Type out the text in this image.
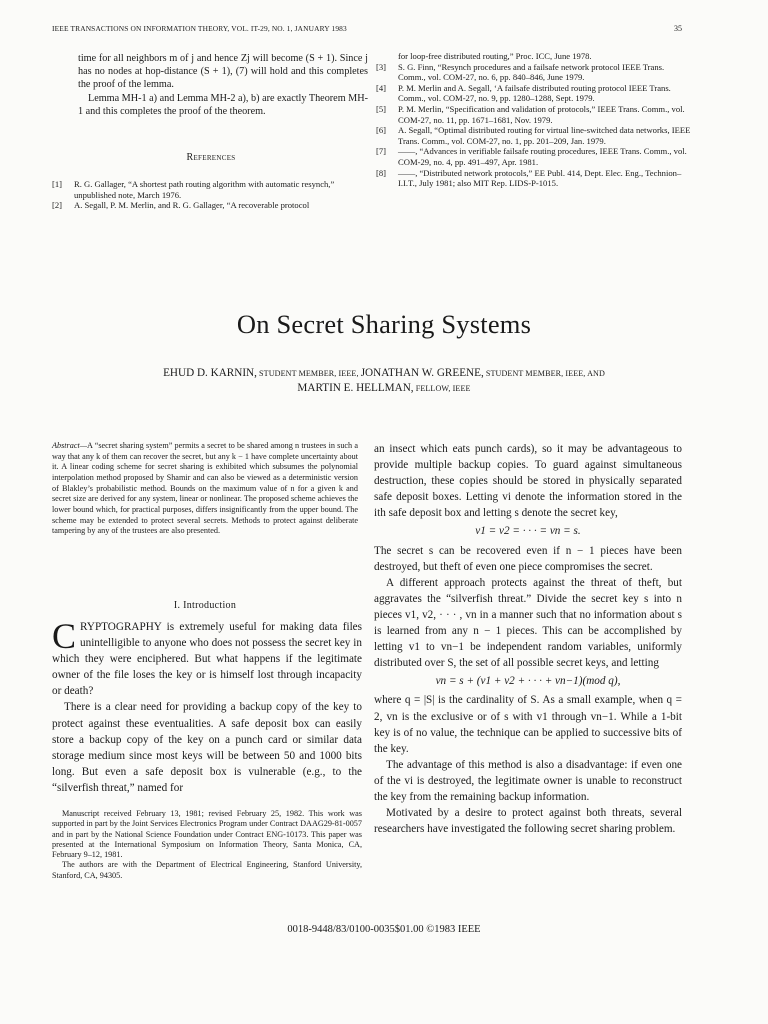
IEEE TRANSACTIONS ON INFORMATION THEORY, VOL. IT-29, NO. 1, JANUARY 1983	35

time for all neighbors m of j and hence Zj will become (S + 1). Since j has no nodes at hop-distance (S + 1), (7) will hold and this completes the proof of the lemma.

Lemma MH-1 a) and Lemma MH-2 a), b) are exactly Theorem MH-1 and this completes the proof of the theorem.

References
[1] R. G. Gallager, “A shortest path routing algorithm with automatic resynch,” unpublished note, March 1976.
[2] A. Segall, P. M. Merlin, and R. G. Gallager, “A recoverable protocol
for loop-free distributed routing,” Proc. ICC, June 1978.
[3] S. G. Finn, “Resynch procedures and a failsafe network protocol IEEE Trans. Comm., vol. COM-27, no. 6, pp. 840–846, June 1979.
[4] P. M. Merlin and A. Segall, ‘A failsafe distributed routing protocol IEEE Trans. Comm., vol. COM-27, no. 9, pp. 1280–1288, Sept. 1979.
[5] P. M. Merlin, “Specification and validation of protocols,” IEEE Trans. Comm., vol. COM-27, no. 11, pp. 1671–1681, Nov. 1979.
[6] A. Segall, “Optimal distributed routing for virtual line-switched data networks, IEEE Trans. Comm., vol. COM-27, no. 1, pp. 201–209, Jan. 1979.
[7] ——, “Advances in verifiable failsafe routing procedures, IEEE Trans. Comm., vol. COM-29, no. 4, pp. 491–497, Apr. 1981.
[8] ——, “Distributed network protocols,” EE Publ. 414, Dept. Elec. Eng., Technion–I.I.T., July 1981; also MIT Rep. LIDS-P-1015.
On Secret Sharing Systems
EHUD D. KARNIN, STUDENT MEMBER, IEEE, JONATHAN W. GREENE, STUDENT MEMBER, IEEE, AND
MARTIN E. HELLMAN, FELLOW, IEEE
Abstract—A “secret sharing system” permits a secret to be shared among n trustees in such a way that any k of them can recover the secret, but any k − 1 have complete uncertainty about it. A linear coding scheme for secret sharing is exhibited which subsumes the polynomial interpolation method proposed by Shamir and can also be viewed as a deterministic version of Blakley’s probabilistic method. Bounds on the maximum value of n for a given k and secret size are derived for any system, linear or nonlinear. The proposed scheme achieves the lower bound which, for practical purposes, differs insignificantly from the upper bound. The scheme may be extended to protect several secrets. Methods to protect against deliberate tampering by any of the trustees are also presented.
I. Introduction

CRYPTOGRAPHY is extremely useful for making data files unintelligible to anyone who does not possess the secret key in which they were enciphered. But what happens if the legitimate owner of the file loses the key or is himself lost through incapacity or death?

There is a clear need for providing a backup copy of the key to protect against these eventualities. A safe deposit box can easily store a backup copy of the key on a punch card or similar data storage medium since most keys will be between 50 and 1000 bits long. But even a safe deposit box is vulnerable (e.g., to the “silverfish threat,” named for

Manuscript received February 13, 1981; revised February 25, 1982. This work was supported in part by the Joint Services Electronics Program under Contract DAAG29-81-0057 and in part by the National Science Foundation under Contract ENG-10173. This paper was presented at the International Symposium on Information Theory, Santa Monica, CA, February 9–12, 1981.

The authors are with the Department of Electrical Engineering, Stanford University, Stanford, CA, 94305.

an insect which eats punch cards), so it may be advantageous to provide multiple backup copies. To guard against simultaneous destruction, these copies should be stored in physically separated safe deposit boxes. Letting vi denote the information stored in the ith safe deposit box and letting s denote the secret key,

v1 = v2 = · · · = vn = s.

The secret s can be recovered even if n − 1 pieces have been destroyed, but theft of even one piece compromises the secret.

A different approach protects against the threat of theft, but aggravates the “silverfish threat.” Divide the secret key s into n pieces v1, v2, · · · , vn in a manner such that no information about s is learned from any n − 1 pieces. This can be accomplished by letting v1 to vn−1 be independent random variables, uniformly distributed over S, the set of all possible secret keys, and letting

vn = s + (v1 + v2 + · · · + vn−1)(mod q),

where q = |S| is the cardinality of S. As a small example, when q = 2, vn is the exclusive or of s with v1 through vn−1. While a 1-bit key is of no value, the technique can be applied to successive bits of the key.

The advantage of this method is also a disadvantage: if even one of the vi is destroyed, the legitimate owner is unable to reconstruct the key from the remaining backup information.

Motivated by a desire to protect against both threats, several researchers have investigated the following secret sharing problem.

0018-9448/83/0100-0035$01.00 ©1983 IEEE
